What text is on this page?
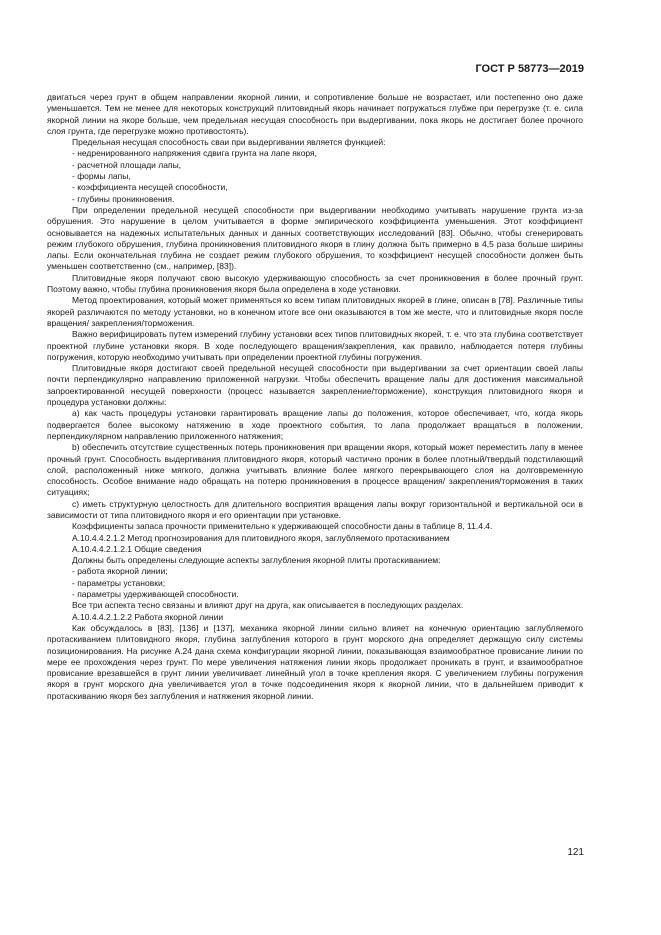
ГОСТ Р 58773—2019

двигаться через грунт в общем направлении якорной линии, и сопротивление больше не возрастает, или постепенно оно даже уменьшается. Тем не менее для некоторых конструкций плитовидный якорь начинает погружаться глубже при перегрузке (т. е. сила якорной линии на якоре больше, чем предельная несущая способность при выдергивании, пока якорь не достигает более прочного слоя грунта, где перегрузке можно противостоять).

Предельная несущая способность сваи при выдергивании является функцией:

- недренированного напряжения сдвига грунта на лапе якоря,

- расчетной площади лапы,

- формы лапы,

- коэффициента несущей способности,

- глубины проникновения.

При определении предельной несущей способности при выдергивании необходимо учитывать нарушение грунта из-за обрушения. Это нарушение в целом учитывается в форме эмпирического коэффициента уменьшения. Этот коэффициент основывается на надежных испытательных данных и данных соответствующих исследований [83]. Обычно, чтобы сгенерировать режим глубокого обрушения, глубина проникновения плитовидного якоря в глину должна быть примерно в 4,5 раза больше ширины лапы. Если окончательная глубина не создает режим глубокого обрушения, то коэффициент несущей способности должен быть уменьшен соответственно (см., например, [83]).

Плитовидные якоря получают свою высокую удерживающую способность за счет проникновения в более прочный грунт. Поэтому важно, чтобы глубина проникновения якоря была определена в ходе установки.

Метод проектирования, который может применяться ко всем типам плитовидных якорей в глине, описан в [78]. Различные типы якорей различаются по методу установки, но в конечном итоге все они оказываются в том же месте, что и плитовидные якоря после вращения/ закрепления/торможения.

Важно верифицировать путем измерений глубину установки всех типов плитовидных якорей, т. е. что эта глубина соответствует проектной глубине установки якоря. В ходе последующего вращения/закрепления, как правило, наблюдается потеря глубины погружения, которую необходимо учитывать при определении проектной глубины погружения.

Плитовидные якоря достигают своей предельной несущей способности при выдергивании за счет ориентации своей лапы почти перпендикулярно направлению приложенной нагрузки. Чтобы обеспечить вращение лапы для достижения максимальной запроектированной несущей поверхности (процесс называется закрепление/торможение), конструкция плитовидного якоря и процедура установки должны:

а) как часть процедуры установки гарантировать вращение лапы до положения, которое обеспечивает, что, когда якорь подвергается более высокому натяжению в ходе проектного события, то лапа продолжает вращаться в положении, перпендикулярном направлению приложенного натяжения;

b) обеспечить отсутствие существенных потерь проникновения при вращении якоря, который может переместить лапу в менее прочный грунт. Способность выдергивания плитовидного якоря, который частично проник в более плотный/твердый подстилающий слой, расположенный ниже мягкого, должна учитывать влияние более мягкого перекрывающего слоя на долговременную способность. Особое внимание надо обращать на потерю проникновения в процессе вращения/ закрепления/торможения в таких ситуациях;

с) иметь структурную целостность для длительного восприятия вращения лапы вокруг горизонтальной и вертикальной оси в зависимости от типа плитовидного якоря и его ориентации при установке.

Коэффициенты запаса прочности применительно к удерживающей способности даны в таблице 8, 11.4.4.

А.10.4.4.2.1.2 Метод прогнозирования для плитовидного якоря, заглубляемого протаскиванием

А.10.4.4.2.1.2.1 Общие сведения

Должны быть определены следующие аспекты заглубления якорной плиты протаскиванием:

- работа якорной линии;

- параметры установки;

- параметры удерживающей способности.

Все три аспекта тесно связаны и влияют друг на друга, как описывается в последующих разделах.

А.10.4.4.2.1.2.2 Работа якорной линии

Как обсуждалось в [83], [136] и [137], механика якорной линии сильно влияет на конечную ориентацию заглубляемого протаскиванием плитовидного якоря, глубина заглубления которого в грунт морского дна определяет держащую силу системы позиционирования. На рисунке А.24 дана схема конфигурации якорной линии, показывающая взаимообратное провисание линии по мере ее прохождения через грунт. По мере увеличения натяжения линии якорь продолжает проникать в грунт, и взаимообратное провисание врезавшейся в грунт линии увеличивает линейный угол в точке крепления якоря. С увеличением глубины погружения якоря в грунт морского дна увеличивается угол в точке подсоединения якоря к якорной линии, что в дальнейшем приводит к протаскиванию якоря без заглубления и натяжения якорной линии.

121
